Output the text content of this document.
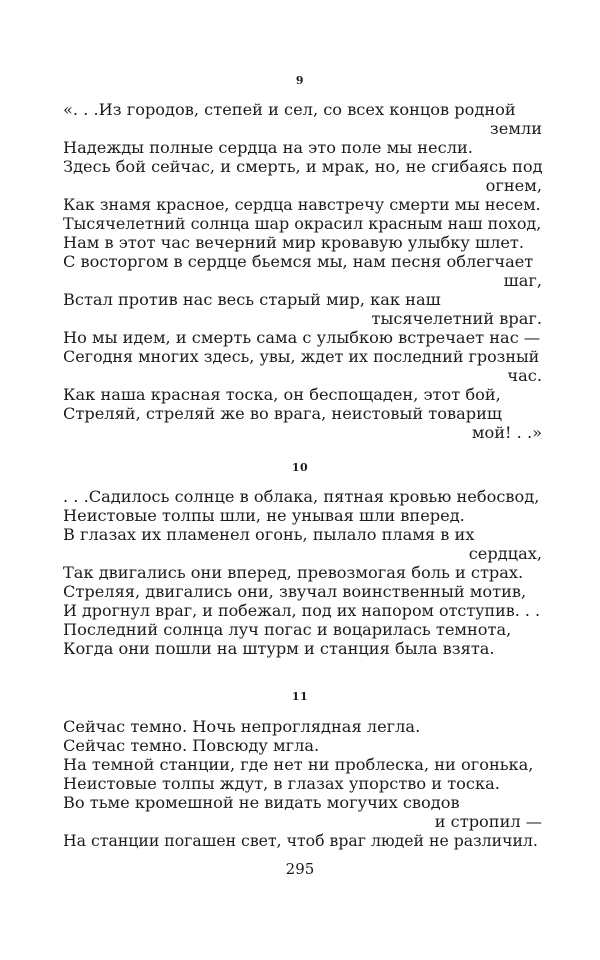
9
«. . .Из городов, степей и сел, со всех концов родной
земли
Надежды полные сердца на это поле мы несли.
Здесь бой сейчас, и смерть, и мрак, но, не сгибаясь под
огнем,
Как знамя красное, сердца навстречу смерти мы несем.
Тысячелетний солнца шар окрасил красным наш поход,
Нам в этот час вечерний мир кровавую улыбку шлет.
С восторгом в сердце бьемся мы, нам песня облегчает
шаг,
Встал против нас весь старый мир, как наш
тысячелетний враг.
Но мы идем, и смерть сама с улыбкою встречает нас —
Сегодня многих здесь, увы, ждет их последний грозный
час.
Как наша красная тоска, он беспощаден, этот бой,
Стреляй, стреляй же во врага, неистовый товарищ
мой! . .»
10
. . .Садилось солнце в облака, пятная кровью небосвод,
Неистовые толпы шли, не унывая шли вперед.
В глазах их пламенел огонь, пылало пламя в их
сердцах,
Так двигались они вперед, превозмогая боль и страх.
Стреляя, двигались они, звучал воинственный мотив,
И дрогнул враг, и побежал, под их напором отступив. . .
Последний солнца луч погас и воцарилась темнота,
Когда они пошли на штурм и станция была взята.
11
Сейчас темно. Ночь непроглядная легла.
Сейчас темно. Повсюду мгла.
На темной станции, где нет ни проблеска, ни огонька,
Неистовые толпы ждут, в глазах упорство и тоска.
Во тьме кромешной не видать могучих сводов
и стропил —
На станции погашен свет, чтоб враг людей не различил.
295
